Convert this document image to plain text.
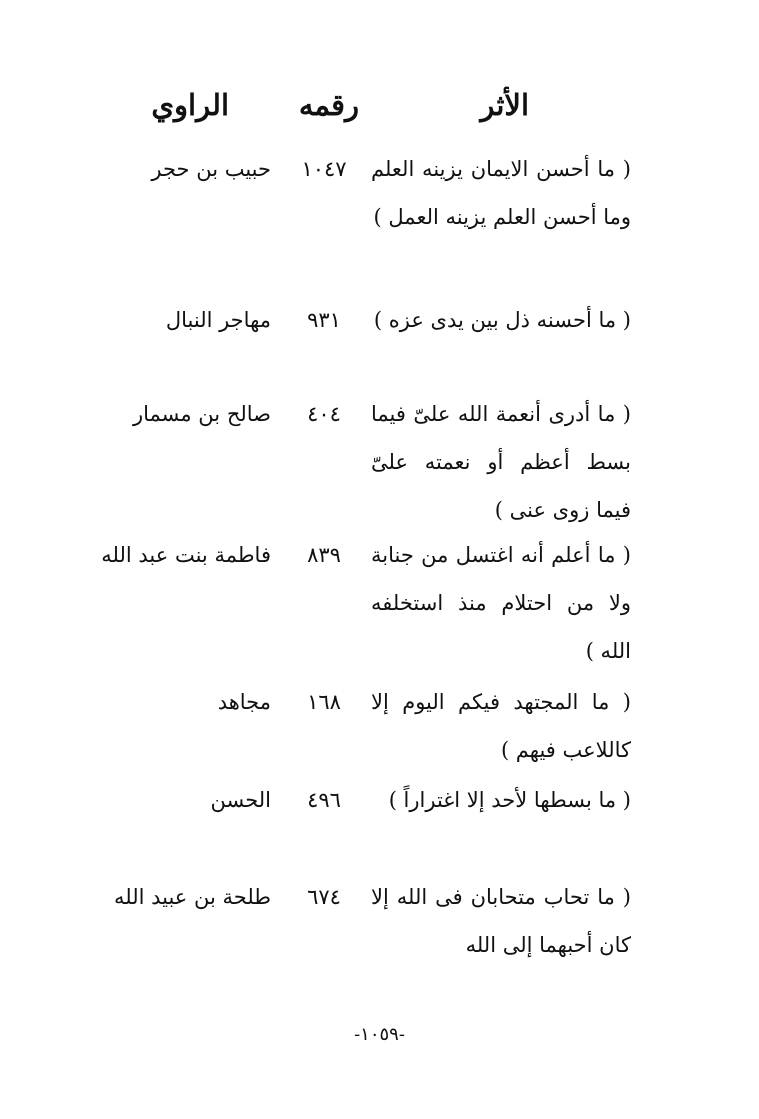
الأثر
رقمه
الراوي
( ما أحسن الايمان يزينه العلم وما أحسن العلم يزينه العمل )
١٠٤٧
حبيب بن حجر
( ما أحسنه ذل بين يدى عزه )
٩٣١
مهاجر النبال
( ما أدرى أنعمة الله علىّ فيما بسط أعظم أو نعمته علىّ فيما زوى عنى )
٤٠٤
صالح بن مسمار
( ما أعلم أنه اغتسل من جنابة ولا من احتلام منذ استخلفه الله )
٨٣٩
فاطمة بنت عبد الله
( ما المجتهد فيكم اليوم إلا كاللاعب فيهم )
١٦٨
مجاهد
( ما بسطها لأحد إلا اغتراراً )
٤٩٦
الحسن
( ما تحاب متحابان فى الله إلا كان أحبهما إلى الله
٦٧٤
طلحة بن عبيد الله
-١٠٥٩-
